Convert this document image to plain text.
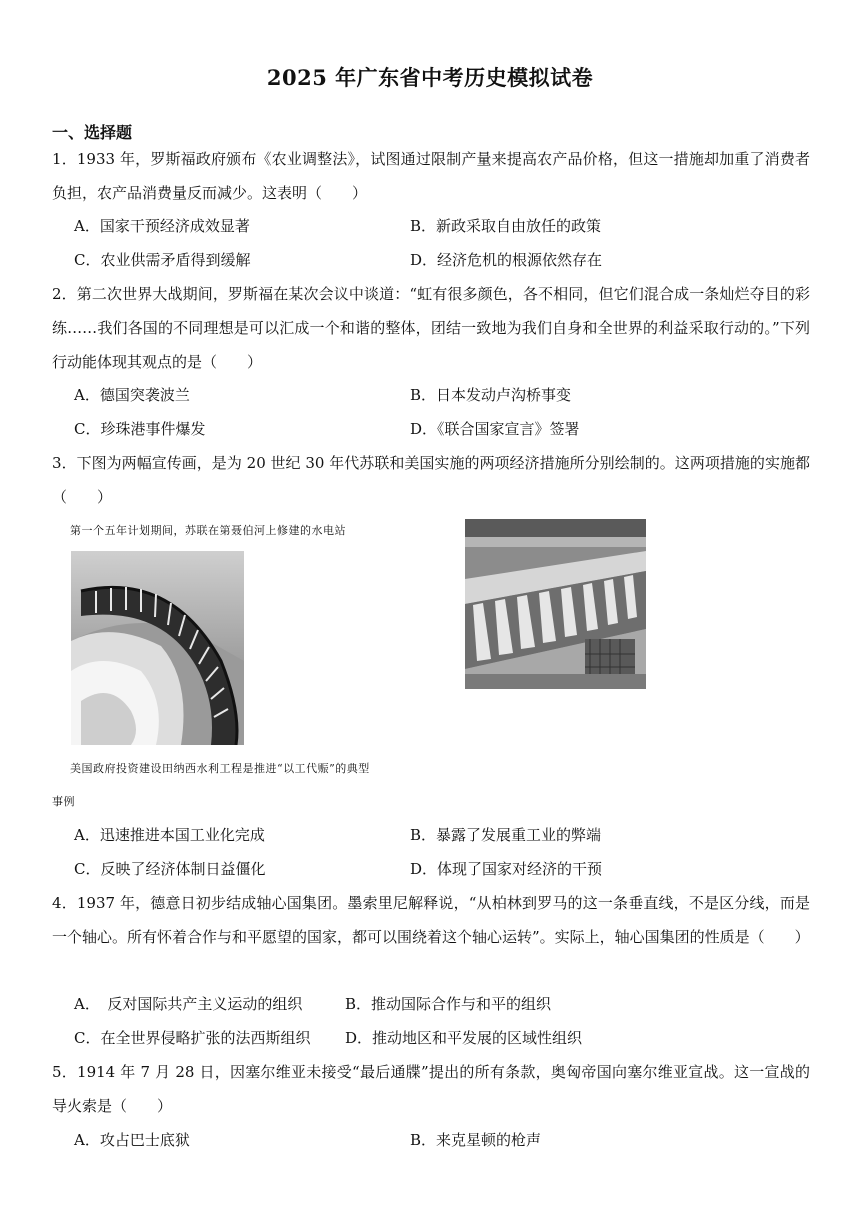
2025 年广东省中考历史模拟试卷
一、选择题
1．1933 年，罗斯福政府颁布《农业调整法》，试图通过限制产量来提高农产品价格，但这一措施却加重了消费者负担，农产品消费量反而减少。这表明（　　）
A．国家干预经济成效显著	B．新政采取自由放任的政策
C．农业供需矛盾得到缓解	D．经济危机的根源依然存在
2．第二次世界大战期间，罗斯福在某次会议中谈道：“虹有很多颜色，各不相同，但它们混合成一条灿烂夺目的彩练……我们各国的不同理想是可以汇成一个和谐的整体，团结一致地为我们自身和全世界的利益采取行动的。”下列行动能体现其观点的是（　　）
A．德国突袭波兰	B．日本发动卢沟桥事变
C．珍珠港事件爆发	D．《联合国家宣言》签署
3．下图为两幅宣传画，是为 20 世纪 30 年代苏联和美国实施的两项经济措施所分别绘制的。这两项措施的实施都（　　）
第一个五年计划期间，苏联在第聂伯河上修建的水电站
美国政府投资建设田纳西水利工程是推进“以工代赈”的典型
事例
A．迅速推进本国工业化完成	B．暴露了发展重工业的弊端
C．反映了经济体制日益僵化	D．体现了国家对经济的干预
4．1937 年，德意日初步结成轴心国集团。墨索里尼解释说，“从柏林到罗马的这一条垂直线，不是区分线，而是一个轴心。所有怀着合作与和平愿望的国家，都可以围绕着这个轴心运转”。实际上，轴心国集团的性质是（　　）
A．　反对国际共产主义运动的组织	B．推动国际合作与和平的组织
C．在全世界侵略扩张的法西斯组织 D．推动地区和平发展的区域性组织
5．1914 年 7 月 28 日，因塞尔维亚未接受“最后通牒”提出的所有条款，奥匈帝国向塞尔维亚宣战。这一宣战的导火索是（　　）
A．攻占巴士底狱	B．来克星顿的枪声
